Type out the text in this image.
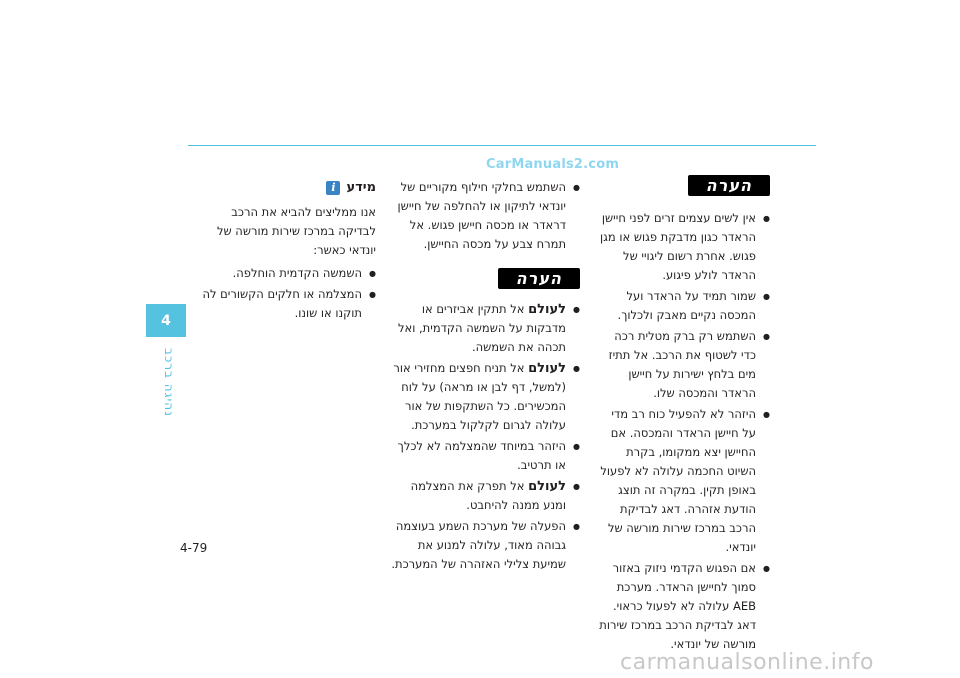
CarManuals2.com
4
נהיגה ברכב
הערה
● אין לשים עצמים זרים לפני חיישן הראדר כגון מדבקת פגוש או מגן פגוש. אחרת רשום ליגויי של הראדר לולע פיגוע.
● שמור תמיד על הראדר ועל המכסה נקיים מאבק ולכלוך.
● השתמש רק ברק מטלית רכה כדי לשטוף את הרכב. אל תתיז מים בלחץ ישירות על חיישן הראדר והמכסה שלו.
● היזהר לא להפעיל כוח רב מדי על חיישן הראדר והמכסה. אם החיישן יצא ממקומו, בקרת השיוט החכמה עלולה לא לפעול באופן תקין. במקרה זה תוצג הודעת אזהרה. דאג לבדיקת הרכב במרכז שירות מורשה של יונדאי.
● אם הפגוש הקדמי ניזוק באזור סמוך לחיישן הראדר. מערכת AEB עלולה לא לפעול כראוי. דאג לבדיקת הרכב במרכז שירות מורשה של יונדאי.
● השתמש בחלקי חילוף מקוריים של יונדאי לתיקון או להחלפה של חיישן דראדר או מכסה חיישן פגוש. אל תמרח צבע על מכסה החיישן.
הערה
● לעולם אל תתקין אביזרים או מדבקות על השמשה הקדמית, ואל תכהה את השמשה.
● לעולם אל תניח חפצים מחזירי אור (למשל, דף לבן או מראה) על לוח המכשירים. כל השתקפות של אור עלולה לגרום לקלקול במערכת.
● היזהר במיוחד שהמצלמה לא לכלך או תרטיב.
● לעולם אל תפרק את המצלמה ומנע ממנה להיחבט.
● הפעלה של מערכת השמע בעוצמה גבוהה מאוד, עלולה למנוע את שמיעת צלילי האזהרה של המערכת.
מידע
i

אנו ממליצים להביא את הרכב לבדיקה במרכז שירות מורשה של יונדאי כאשר:

● השמשה הקדמית הוחלפה.
● המצלמה או חלקים הקשורים לה תוקנו או שונו.
4-79
carmanualsonline.info
